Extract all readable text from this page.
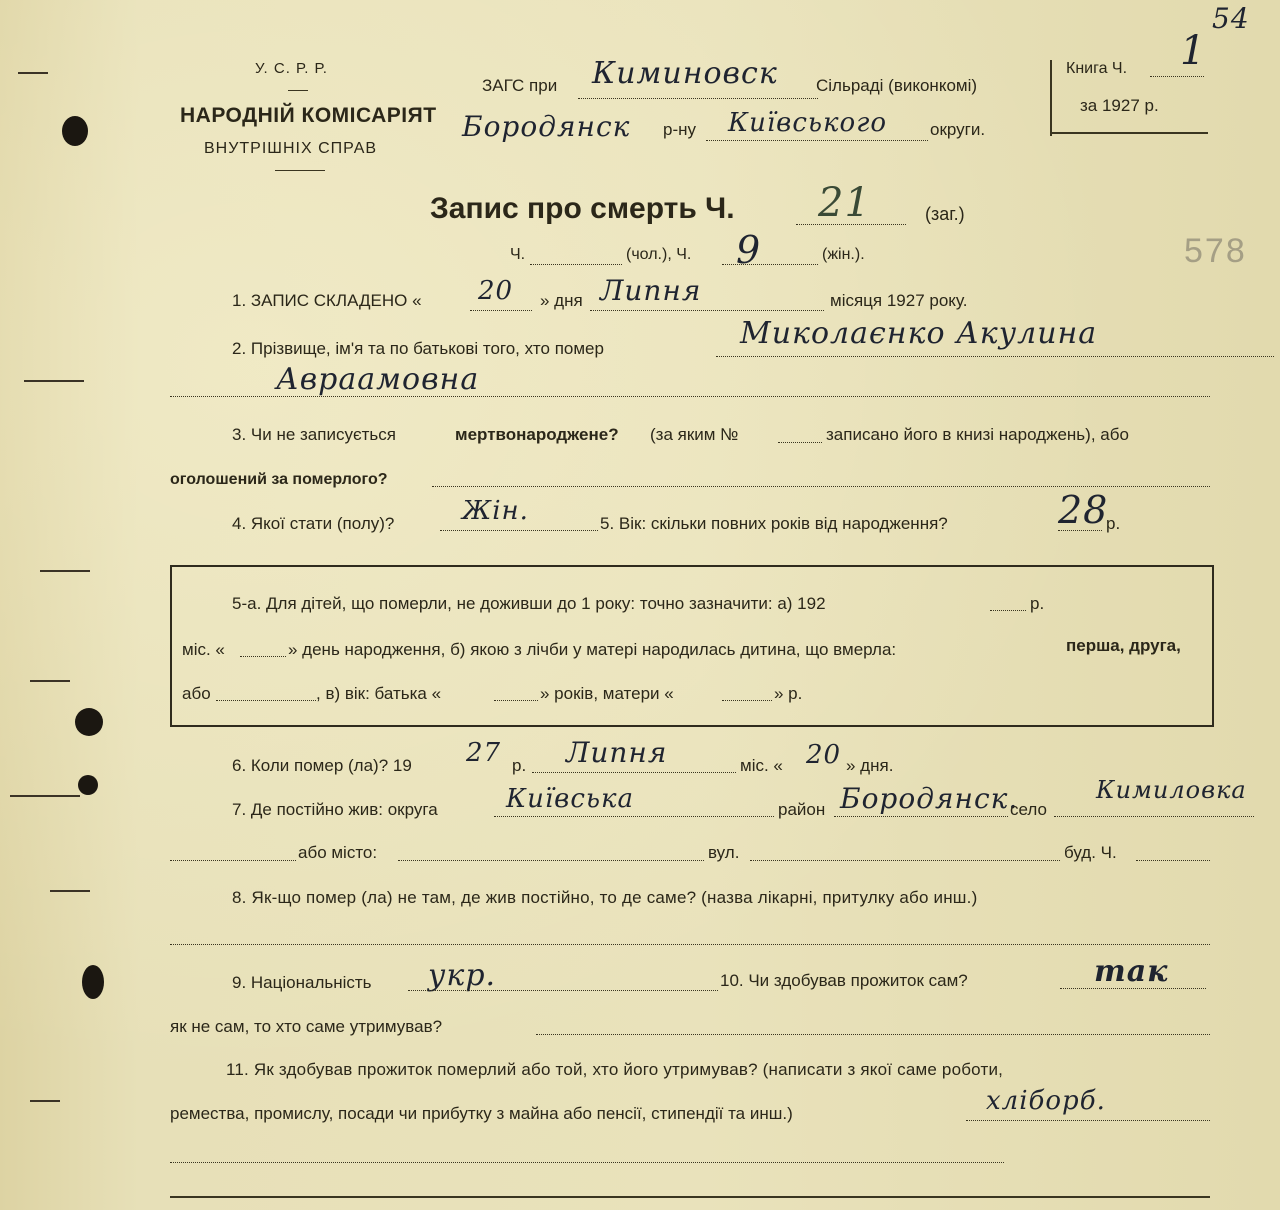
У. С. Р. Р.
НАРОДНІЙ КОМІСАРІЯТ
ВНУТРІШНІХ СПРАВ
ЗАГС при Киминовск Сільраді (виконкомі)
Бородянск р-ну Київського	округи.
Книга Ч. 1
за 1927 р.
54
Запис про смерть Ч. 21	(заг.)
578
Ч.	(чол.), Ч. 9	(жін.).
1. ЗАПИС СКЛАДЕНО « 20 » дня Липня	місяця 1927 року.
2. Прізвище, ім'я та по батькові того, хто помер	Миколаєнко Акулина
Авраамовна
3. Чи не записується	мертвонароджене? (за яким №	записано його в книзі народжень), або
оголошений за померлого?
4. Якої стати (полу)?	Жін.	5. Вік: скільки повних років від народження?	28
р.
5-а. Для дітей, що померли, не доживши до 1 року: точно зазначити: а) 192	р.
міс. «	» день народження, б) якою з лічби у матері народилась дитина, що вмерла:	перша, друга,
або	, в) вік: батька «	» років, матери «	» р.
6. Коли помер (ла)? 19 27 р. Липня	міс. « 20 » дня.
7. Де постійно жив: округа	Київська	район Бородянск.
село
Кимиловка
або місто:	вул.	буд. Ч.
8. Як-що помер (ла) не там, де жив постійно, то де саме? (назва лікарні, притулку або инш.)
9. Національність укр.	10. Чи здобував прожиток сам?	так
як не сам, то хто саме утримував?
11. Як здобував прожиток померлий або той, хто його утримував? (написати з якої саме роботи,
ремества, промислу, посади чи прибутку з майна або пенсії, стипендії та инш.)	хліборб.
